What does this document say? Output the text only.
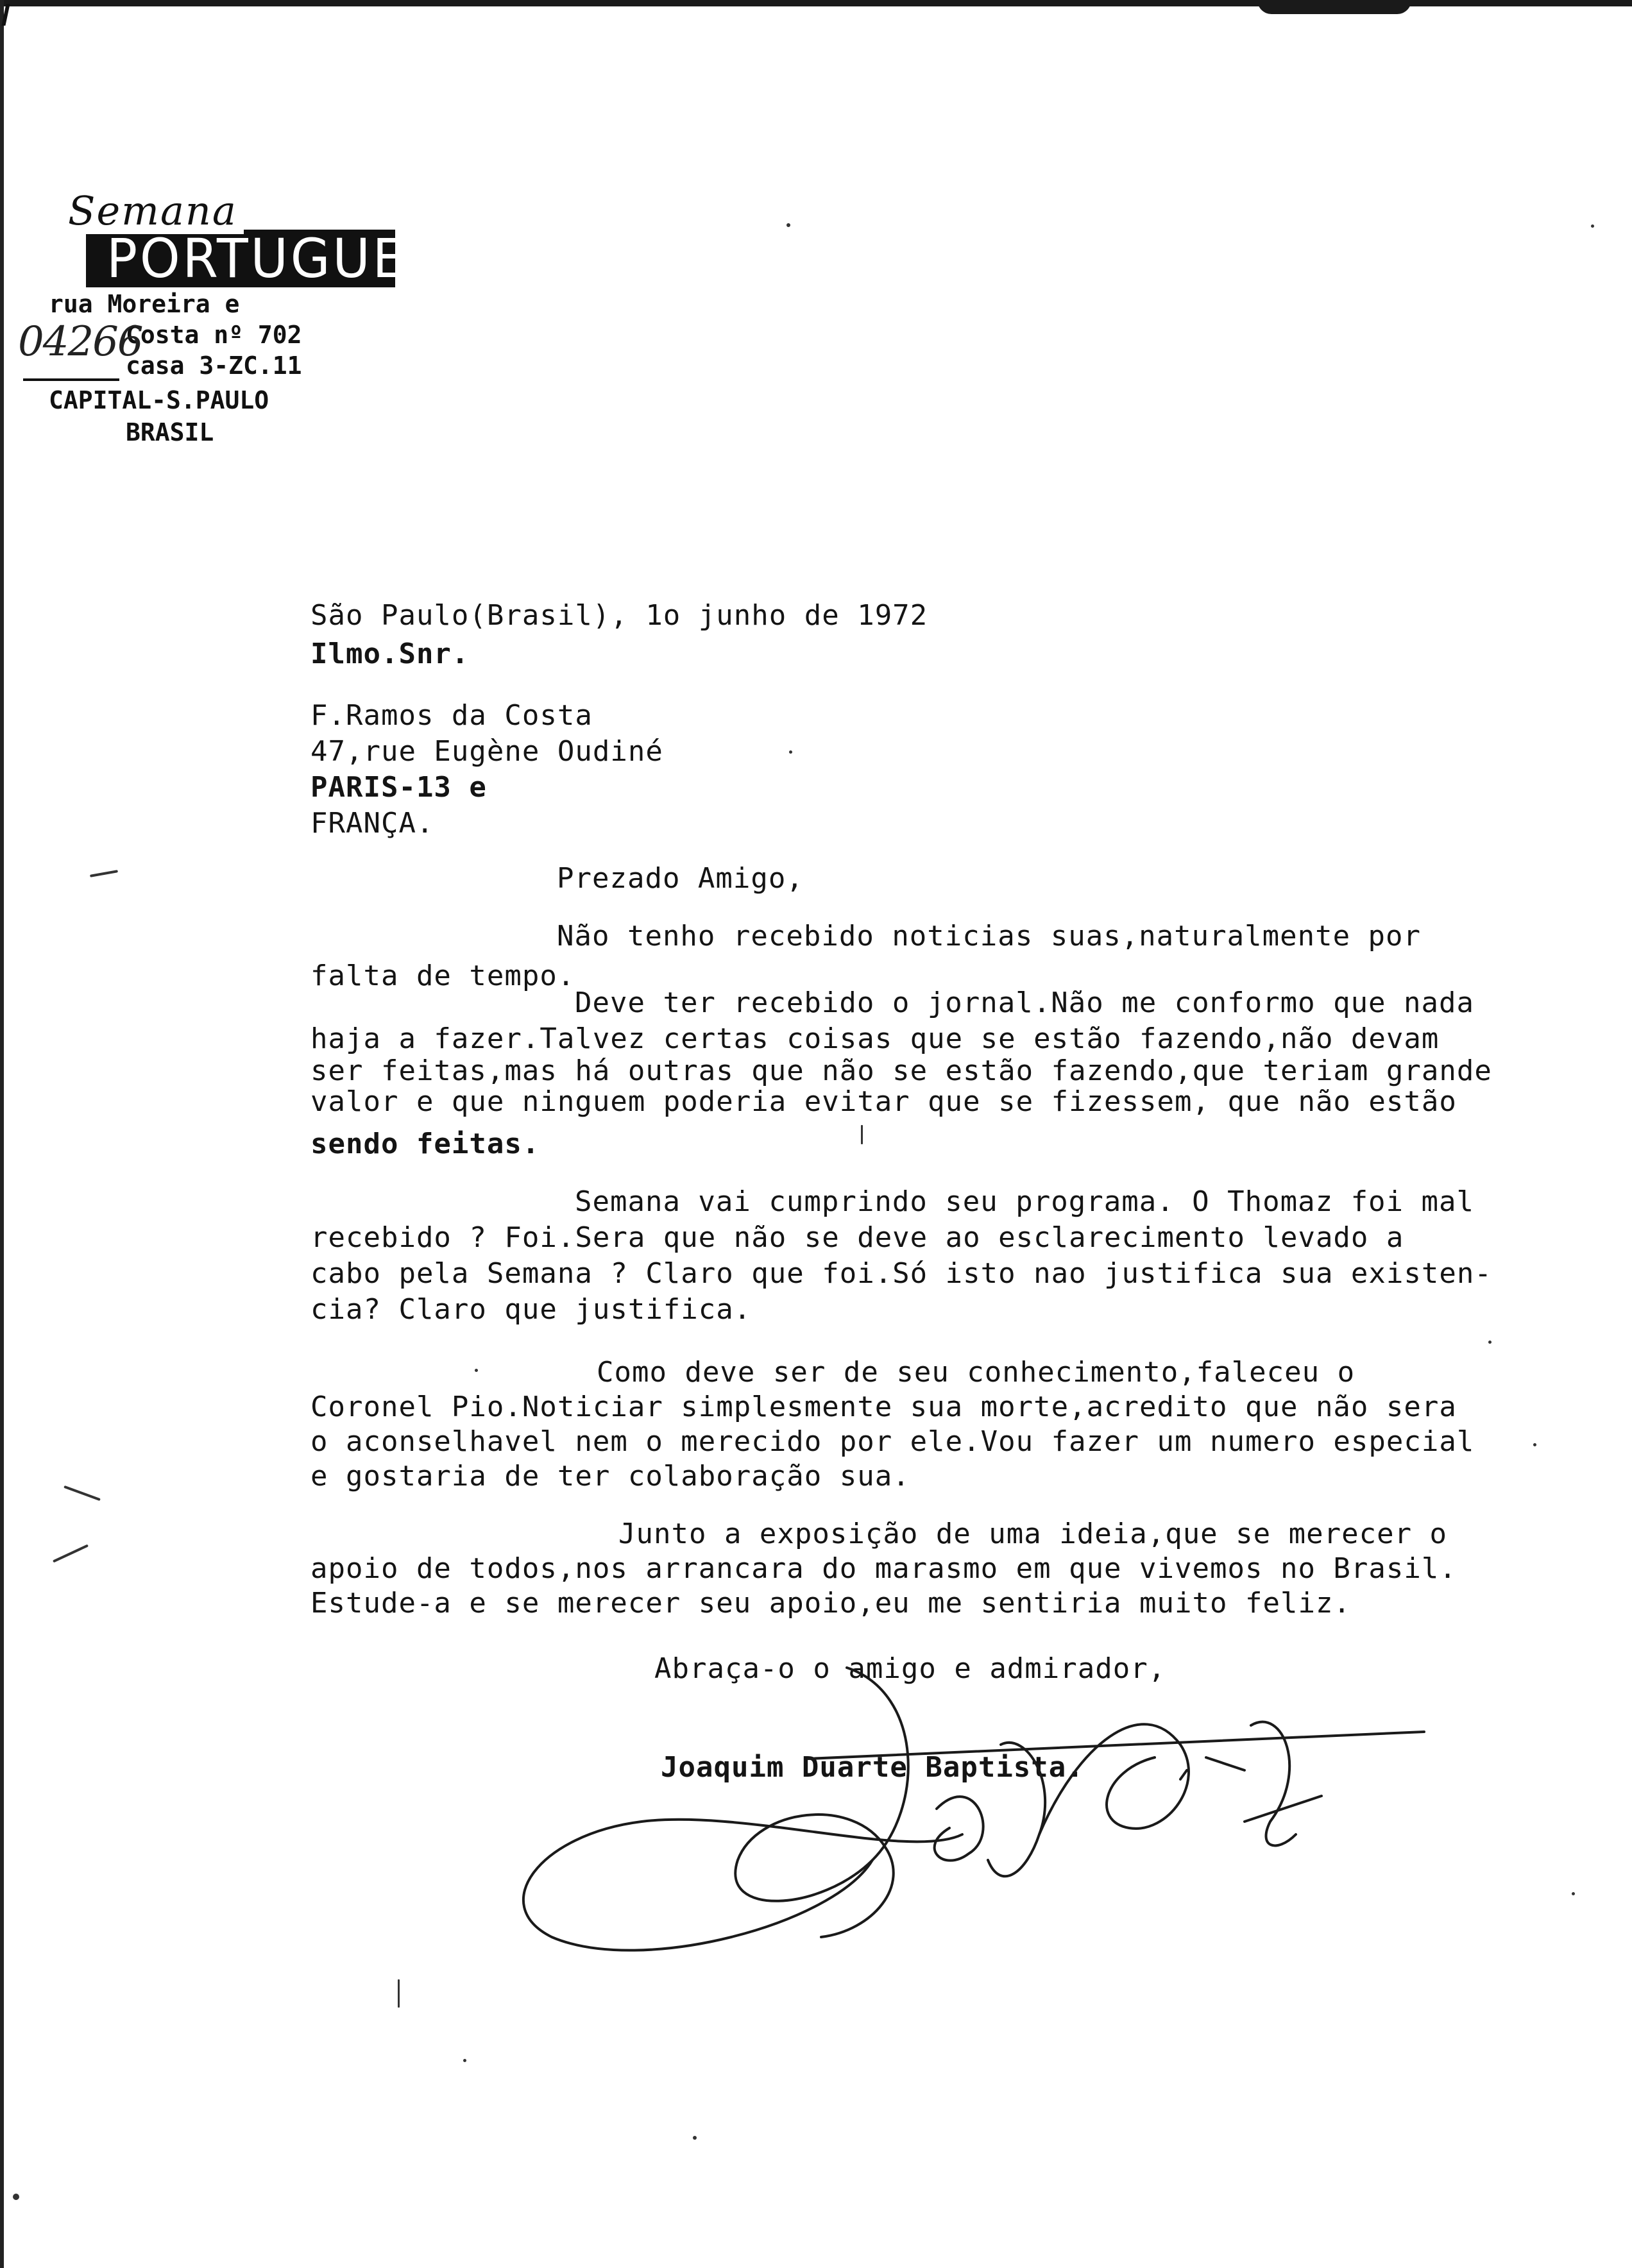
Semana
PORTUGUESA
rua Moreira e
Costa nº 702
casa 3-ZC.11
CAPITAL-S.PAULO
BRASIL
04266
São Paulo(Brasil), 1o junho de 1972
Ilmo.Snr.
F.Ramos da Costa
47,rue Eugène Oudiné
PARIS-13 e
FRANÇA.
Prezado Amigo,
Não tenho recebido noticias suas,naturalmente por
falta de tempo.
Deve ter recebido o jornal.Não me conformo que nada
haja a fazer.Talvez certas coisas que se estão fazendo,não devam
ser feitas,mas há outras que não se estão fazendo,que teriam grande
valor e que ninguem poderia evitar que se fizessem, que não estão
sendo feitas.
Semana vai cumprindo seu programa. O Thomaz foi mal
recebido ? Foi.Sera que não se deve ao esclarecimento levado a
cabo pela Semana ? Claro que foi.Só isto nao justifica sua existen-
cia? Claro que justifica.
Como deve ser de seu conhecimento,faleceu o
Coronel Pio.Noticiar simplesmente sua morte,acredito que não sera
o aconselhavel nem o merecido por ele.Vou fazer um numero especial
e gostaria de ter colaboração sua.
Junto a exposição de uma ideia,que se merecer o
apoio de todos,nos arrancara do marasmo em que vivemos no Brasil.
Estude-a e se merecer seu apoio,eu me sentiria muito feliz.
Abraça-o o amigo e admirador,
Joaquim Duarte Baptista.
